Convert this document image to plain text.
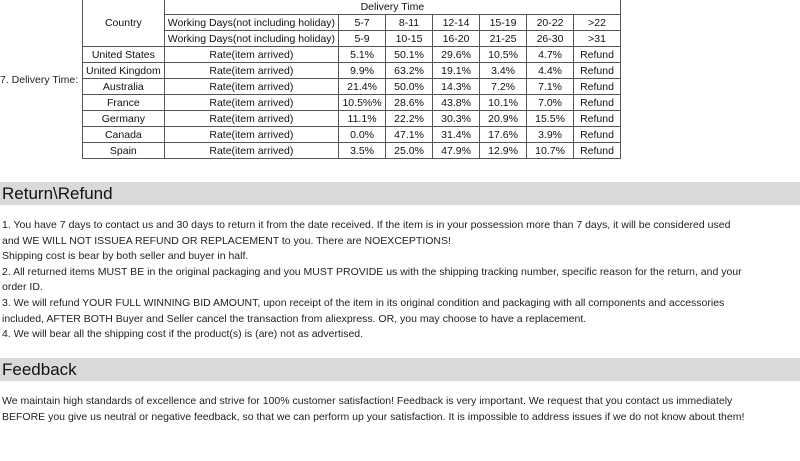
7. Delivery Time:
Country	Delivery Time						
	Working Days(not including holiday)	5-7	8-11	12-14	15-19	20-22	>22
	Working Days(not including holiday)	5-9	10-15	16-20	21-25	26-30	>31
United States	Rate(item arrived)	5.1%	50.1%	29.6%	10.5%	4.7%	Refund
United Kingdom	Rate(item arrived)	9.9%	63.2%	19.1%	3.4%	4.4%	Refund
Australia	Rate(item arrived)	21.4%	50.0%	14.3%	7.2%	7.1%	Refund
France	Rate(item arrived)	10.5%%	28.6%	43.8%	10.1%	7.0%	Refund
Germany	Rate(item arrived)	11.1%	22.2%	30.3%	20.9%	15.5%	Refund
Canada	Rate(item arrived)	0.0%	47.1%	31.4%	17.6%	3.9%	Refund
Spain	Rate(item arrived)	3.5%	25.0%	47.9%	12.9%	10.7%	Refund
Return\Refund
1. You have 7 days to contact us and 30 days to return it from the date received. If the item is in your possession more than 7 days, it will be considered used
and WE WILL NOT ISSUEA REFUND OR REPLACEMENT to you. There are NOEXCEPTIONS!
Shipping cost is bear by both seller and buyer in half.
2. All returned items MUST BE in the original packaging and you MUST PROVIDE us with the shipping tracking number, specific reason for the return, and your
order ID.
3. We will refund YOUR FULL WINNING BID AMOUNT, upon receipt of the item in its original condition and packaging with all components and accessories
included, AFTER BOTH Buyer and Seller cancel the transaction from aliexpress. OR, you may choose to have a replacement.
4. We will bear all the shipping cost if the product(s) is (are) not as advertised.
Feedback
We maintain high standards of excellence and strive for 100% customer satisfaction! Feedback is very important. We request that you contact us immediately
BEFORE you give us neutral or negative feedback, so that we can perform up your satisfaction. It is impossible to address issues if we do not know about them!
